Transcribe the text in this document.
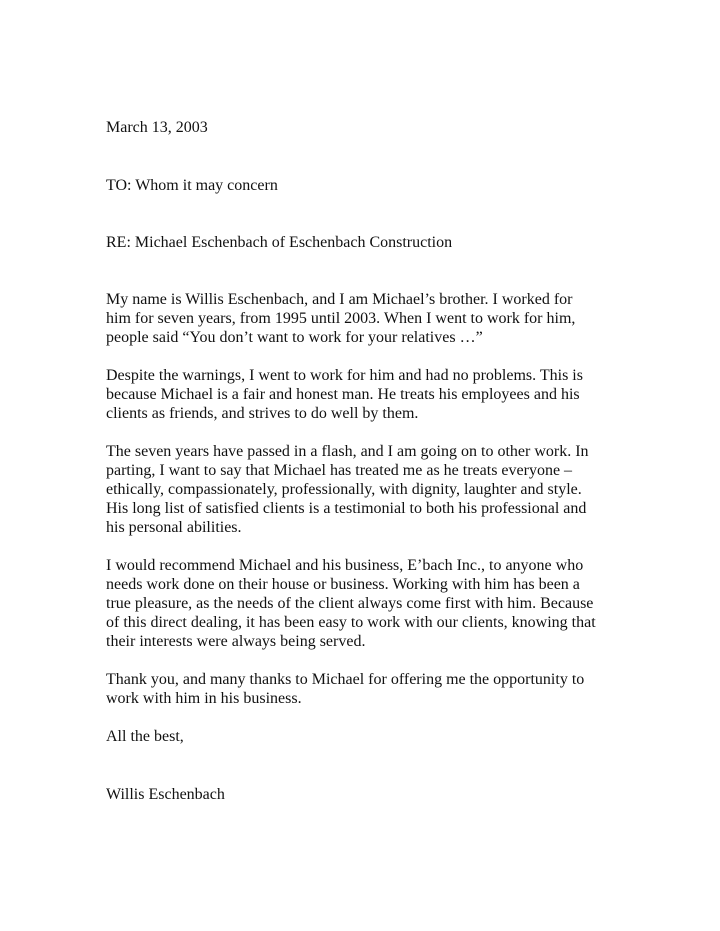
March 13, 2003

TO: Whom it may concern

RE: Michael Eschenbach of Eschenbach Construction

My name is Willis Eschenbach, and I am Michael’s brother. I worked for
him for seven years, from 1995 until 2003. When I went to work for him,
people said “You don’t want to work for your relatives …”
Despite the warnings, I went to work for him and had no problems. This is
because Michael is a fair and honest man. He treats his employees and his
clients as friends, and strives to do well by them.
The seven years have passed in a flash, and I am going on to other work. In
parting, I want to say that Michael has treated me as he treats everyone –
ethically, compassionately, professionally, with dignity, laughter and style.
His long list of satisfied clients is a testimonial to both his professional and
his personal abilities.
I would recommend Michael and his business, E’bach Inc., to anyone who
needs work done on their house or business. Working with him has been a
true pleasure, as the needs of the client always come first with him. Because
of this direct dealing, it has been easy to work with our clients, knowing that
their interests were always being served.
Thank you, and many thanks to Michael for offering me the opportunity to
work with him in his business.

All the best,

Willis Eschenbach
